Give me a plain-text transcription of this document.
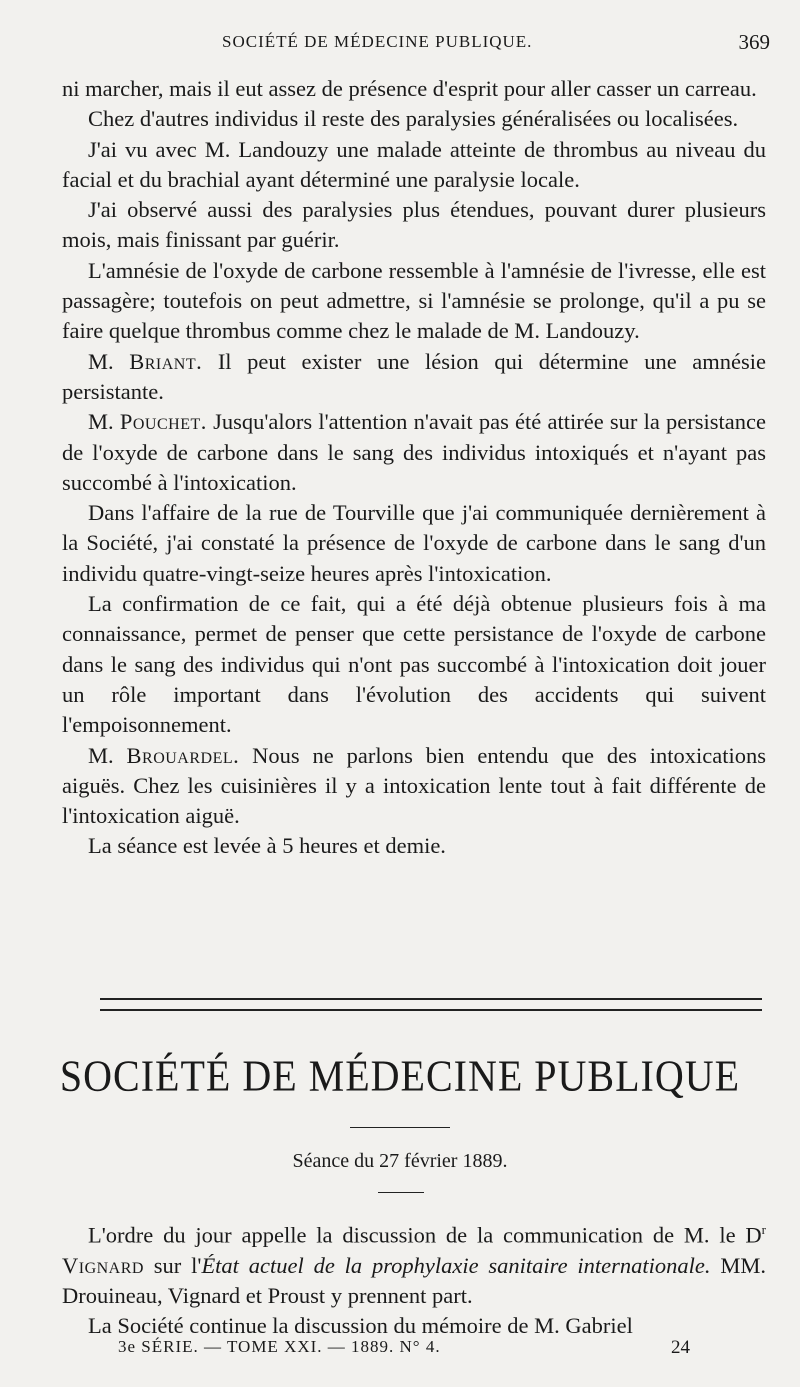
SOCIÉTÉ DE MÉDECINE PUBLIQUE.	369

ni marcher, mais il eut assez de présence d'esprit pour aller casser un carreau.

Chez d'autres individus il reste des paralysies généralisées ou localisées.

J'ai vu avec M. Landouzy une malade atteinte de thrombus au niveau du facial et du brachial ayant déterminé une paralysie locale.

J'ai observé aussi des paralysies plus étendues, pouvant durer plusieurs mois, mais finissant par guérir.

L'amnésie de l'oxyde de carbone ressemble à l'amnésie de l'ivresse, elle est passagère; toutefois on peut admettre, si l'amnésie se prolonge, qu'il a pu se faire quelque thrombus comme chez le malade de M. Landouzy.

M. Briant. Il peut exister une lésion qui détermine une amnésie persistante.

M. Pouchet. Jusqu'alors l'attention n'avait pas été attirée sur la persistance de l'oxyde de carbone dans le sang des individus intoxiqués et n'ayant pas succombé à l'intoxication.

Dans l'affaire de la rue de Tourville que j'ai communiquée dernièrement à la Société, j'ai constaté la présence de l'oxyde de carbone dans le sang d'un individu quatre-vingt-seize heures après l'intoxication.

La confirmation de ce fait, qui a été déjà obtenue plusieurs fois à ma connaissance, permet de penser que cette persistance de l'oxyde de carbone dans le sang des individus qui n'ont pas succombé à l'intoxication doit jouer un rôle important dans l'évolution des accidents qui suivent l'empoisonnement.

M. Brouardel. Nous ne parlons bien entendu que des intoxications aiguës. Chez les cuisinières il y a intoxication lente tout à fait différente de l'intoxication aiguë.

La séance est levée à 5 heures et demie.

SOCIÉTÉ DE MÉDECINE PUBLIQUE
Séance du 27 février 1889.

L'ordre du jour appelle la discussion de la communication de M. le $D^r$ Vignard sur l'État actuel de la prophylaxie sanitaire internationale. MM. Drouineau, Vignard et Proust y prennent part.

La Société continue la discussion du mémoire de M. Gabriel

3e SÉRIE. — TOME XXI. — 1889. N° 4.	24
